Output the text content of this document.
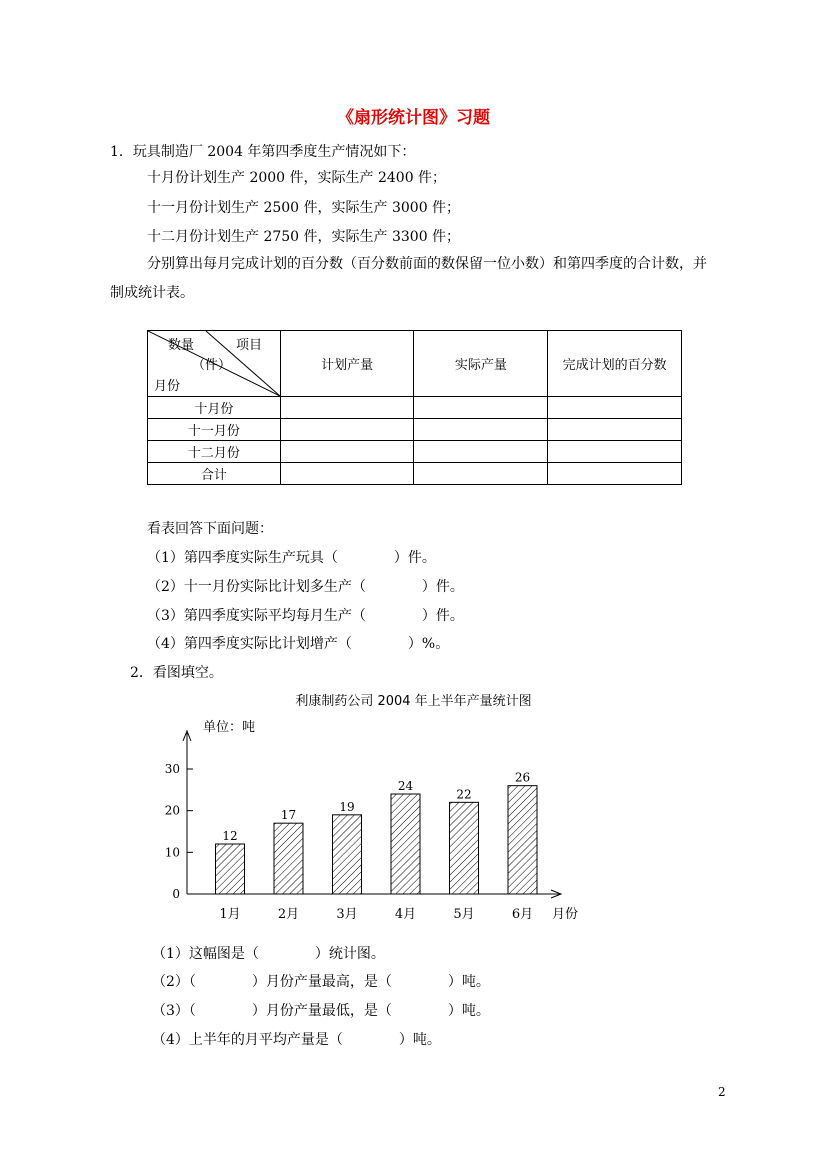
《扇形统计图》习题
1．玩具制造厂 2004 年第四季度生产情况如下：
十月份计划生产 2000 件，实际生产 2400 件；
十一月份计划生产 2500 件，实际生产 3000 件；
十二月份计划生产 2750 件，实际生产 3300 件；
分别算出每月完成计划的百分数（百分数前面的数保留一位小数）和第四季度的合计数，并
制成统计表。
数量 项目
（件）
月份	计划产量	实际产量	完成计划的百分数
十月份			
十一月份			
十二月份			
合计			
看表回答下面问题：
（1）第四季度实际生产玩具（　　　　）件。
（2）十一月份实际比计划多生产（　　　　）件。
（3）第四季度实际平均每月生产（　　　　）件。
（4）第四季度实际比计划增产（　　　　）%。
2．看图填空。
利康制药公司 2004 年上半年产量统计图
单位：吨
0
10
20
30
12
1月
17
2月
19
3月
24
4月
22
5月
26
6月 月份
（1）这幅图是（　　　　）统计图。
（2）（　　　　）月份产量最高，是（　　　　）吨。
（3）（　　　　）月份产量最低，是（　　　　）吨。
（4）上半年的月平均产量是（　　　　）吨。
2
